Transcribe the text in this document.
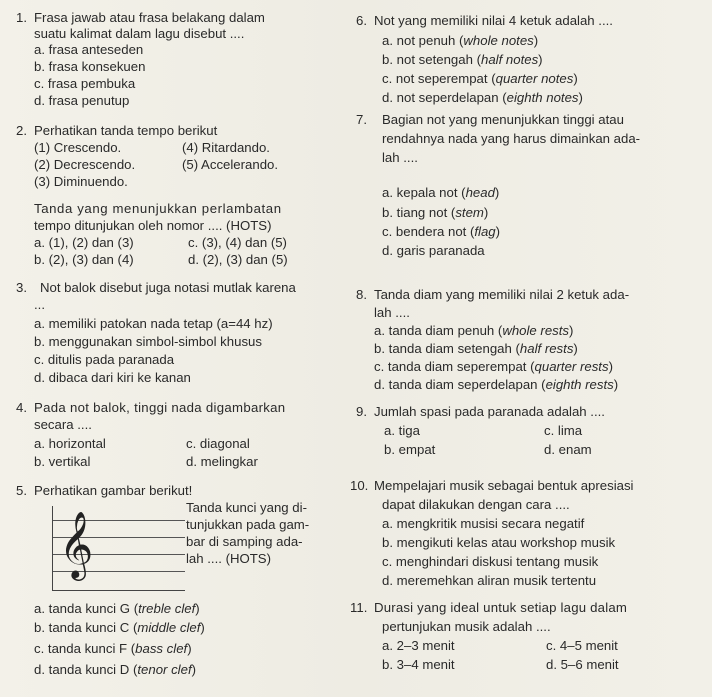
1. Frasa jawab atau frasa belakang dalam
suatu kalimat dalam lagu disebut ....
a. frasa anteseden
b. frasa konsekuen
c. frasa pembuka
d. frasa penutup
2. Perhatikan tanda tempo berikut
(1) Crescendo.	(4) Ritardando.
(2) Decrescendo.	(5) Accelerando.
(3) Diminuendo.
Tanda yang menunjukkan perlambatan
tempo ditunjukan oleh nomor .... (HOTS)
a. (1), (2) dan (3)	c. (3), (4) dan (5)
b. (2), (3) dan (4)	d. (2), (3) dan (5)
3. Not balok disebut juga notasi mutlak karena
...
a. memiliki patokan nada tetap (a=44 hz)
b. menggunakan simbol-simbol khusus
c. ditulis pada paranada
d. dibaca dari kiri ke kanan
4. Pada not balok, tinggi nada digambarkan
secara ....
a. horizontal	c. diagonal
b. vertikal	d. melingkar
5. Perhatikan gambar berikut!
𝄞
Tanda kunci yang di-
tunjukkan pada gam-
bar di samping ada-
lah .... (HOTS)
a. tanda kunci G (treble clef)
b. tanda kunci C (middle clef)
c. tanda kunci F (bass clef)
d. tanda kunci D (tenor clef)
6. Not yang memiliki nilai 4 ketuk adalah ....
a. not penuh (whole notes)
b. not setengah (half notes)
c. not seperempat (quarter notes)
d. not seperdelapan (eighth notes)
7. Bagian not yang menunjukkan tinggi atau
rendahnya nada yang harus dimainkan ada-
lah ....
a. kepala not (head)
b. tiang not (stem)
c. bendera not (flag)
d. garis paranada
8. Tanda diam yang memiliki nilai 2 ketuk ada-
lah ....
a. tanda diam penuh (whole rests)
b. tanda diam setengah (half rests)
c. tanda diam seperempat (quarter rests)
d. tanda diam seperdelapan (eighth rests)
9. Jumlah spasi pada paranada adalah ....
a. tiga	c. lima
b. empat	d. enam
10. Mempelajari musik sebagai bentuk apresiasi
dapat dilakukan dengan cara ....
a. mengkritik musisi secara negatif
b. mengikuti kelas atau workshop musik
c. menghindari diskusi tentang musik
d. meremehkan aliran musik tertentu
11. Durasi yang ideal untuk setiap lagu dalam
pertunjukan musik adalah ....
a. 2–3 menit	c. 4–5 menit
b. 3–4 menit	d. 5–6 menit
